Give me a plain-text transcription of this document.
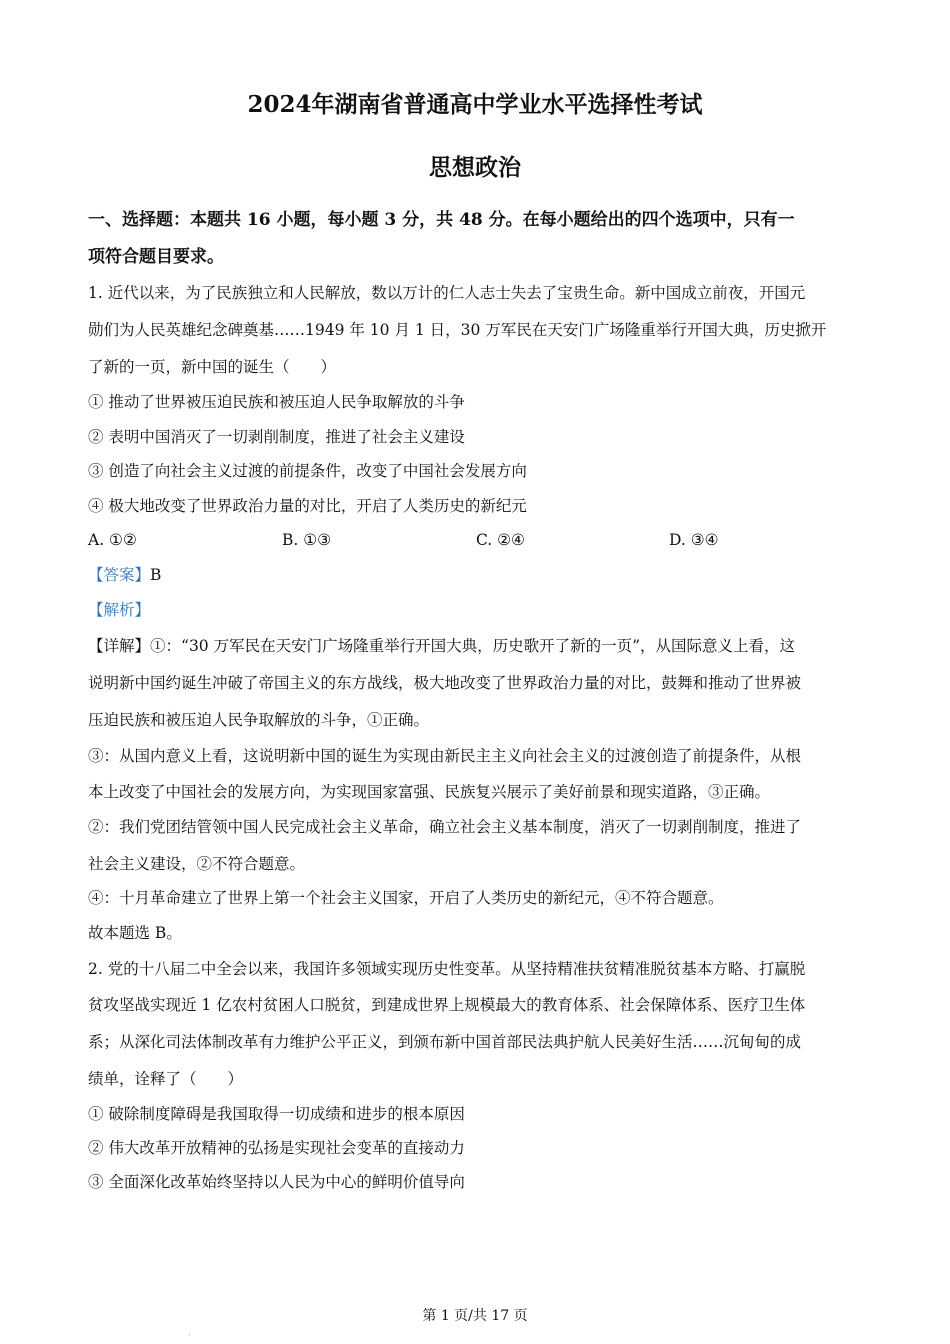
2024年湖南省普通高中学业水平选择性考试
思想政治
一、选择题：本题共 16 小题，每小题 3 分，共 48 分。在每小题给出的四个选项中，只有一
项符合题目要求。
1. 近代以来，为了民族独立和人民解放，数以万计的仁人志士失去了宝贵生命。新中国成立前夜，开国元
勋们为人民英雄纪念碑奠基……1949 年 10 月 1 日，30 万军民在天安门广场隆重举行开国大典，历史掀开
了新的一页，新中国的诞生（　　）
① 推动了世界被压迫民族和被压迫人民争取解放的斗争
② 表明中国消灭了一切剥削制度，推进了社会主义建设
③ 创造了向社会主义过渡的前提条件，改变了中国社会发展方向
④ 极大地改变了世界政治力量的对比，开启了人类历史的新纪元
A. ①②	B. ①③	C. ②④	D. ③④
【答案】B
【解析】
【详解】①：“30 万军民在天安门广场隆重举行开国大典，历史歌开了新的一页”，从国际意义上看，这
说明新中国约诞生冲破了帝国主义的东方战线，极大地改变了世界政治力量的对比，鼓舞和推动了世界被
压迫民族和被压迫人民争取解放的斗争，①正确。
③：从国内意义上看，这说明新中国的诞生为实现由新民主主义向社会主义的过渡创造了前提条件，从根
本上改变了中国社会的发展方向，为实现国家富强、民族复兴展示了美好前景和现实道路，③正确。
②：我们党团结管领中国人民完成社会主义革命，确立社会主义基本制度，消灭了一切剥削制度，推进了
社会主义建设，②不符合题意。
④：十月革命建立了世界上第一个社会主义国家，开启了人类历史的新纪元，④不符合题意。
故本题选 B。
2. 党的十八届二中全会以来，我国许多领域实现历史性变革。从坚持精准扶贫精准脱贫基本方略、打赢脱
贫攻坚战实现近 1 亿农村贫困人口脱贫，到建成世界上规模最大的教育体系、社会保障体系、医疗卫生体
系；从深化司法体制改革有力维护公平正义，到颁布新中国首部民法典护航人民美好生活……沉甸甸的成
绩单，诠释了（　　）
① 破除制度障碍是我国取得一切成绩和进步的根本原因
② 伟大改革开放精神的弘扬是实现社会变革的直接动力
③ 全面深化改革始终坚持以人民为中心的鲜明价值导向
第 1 页/共 17 页
·
